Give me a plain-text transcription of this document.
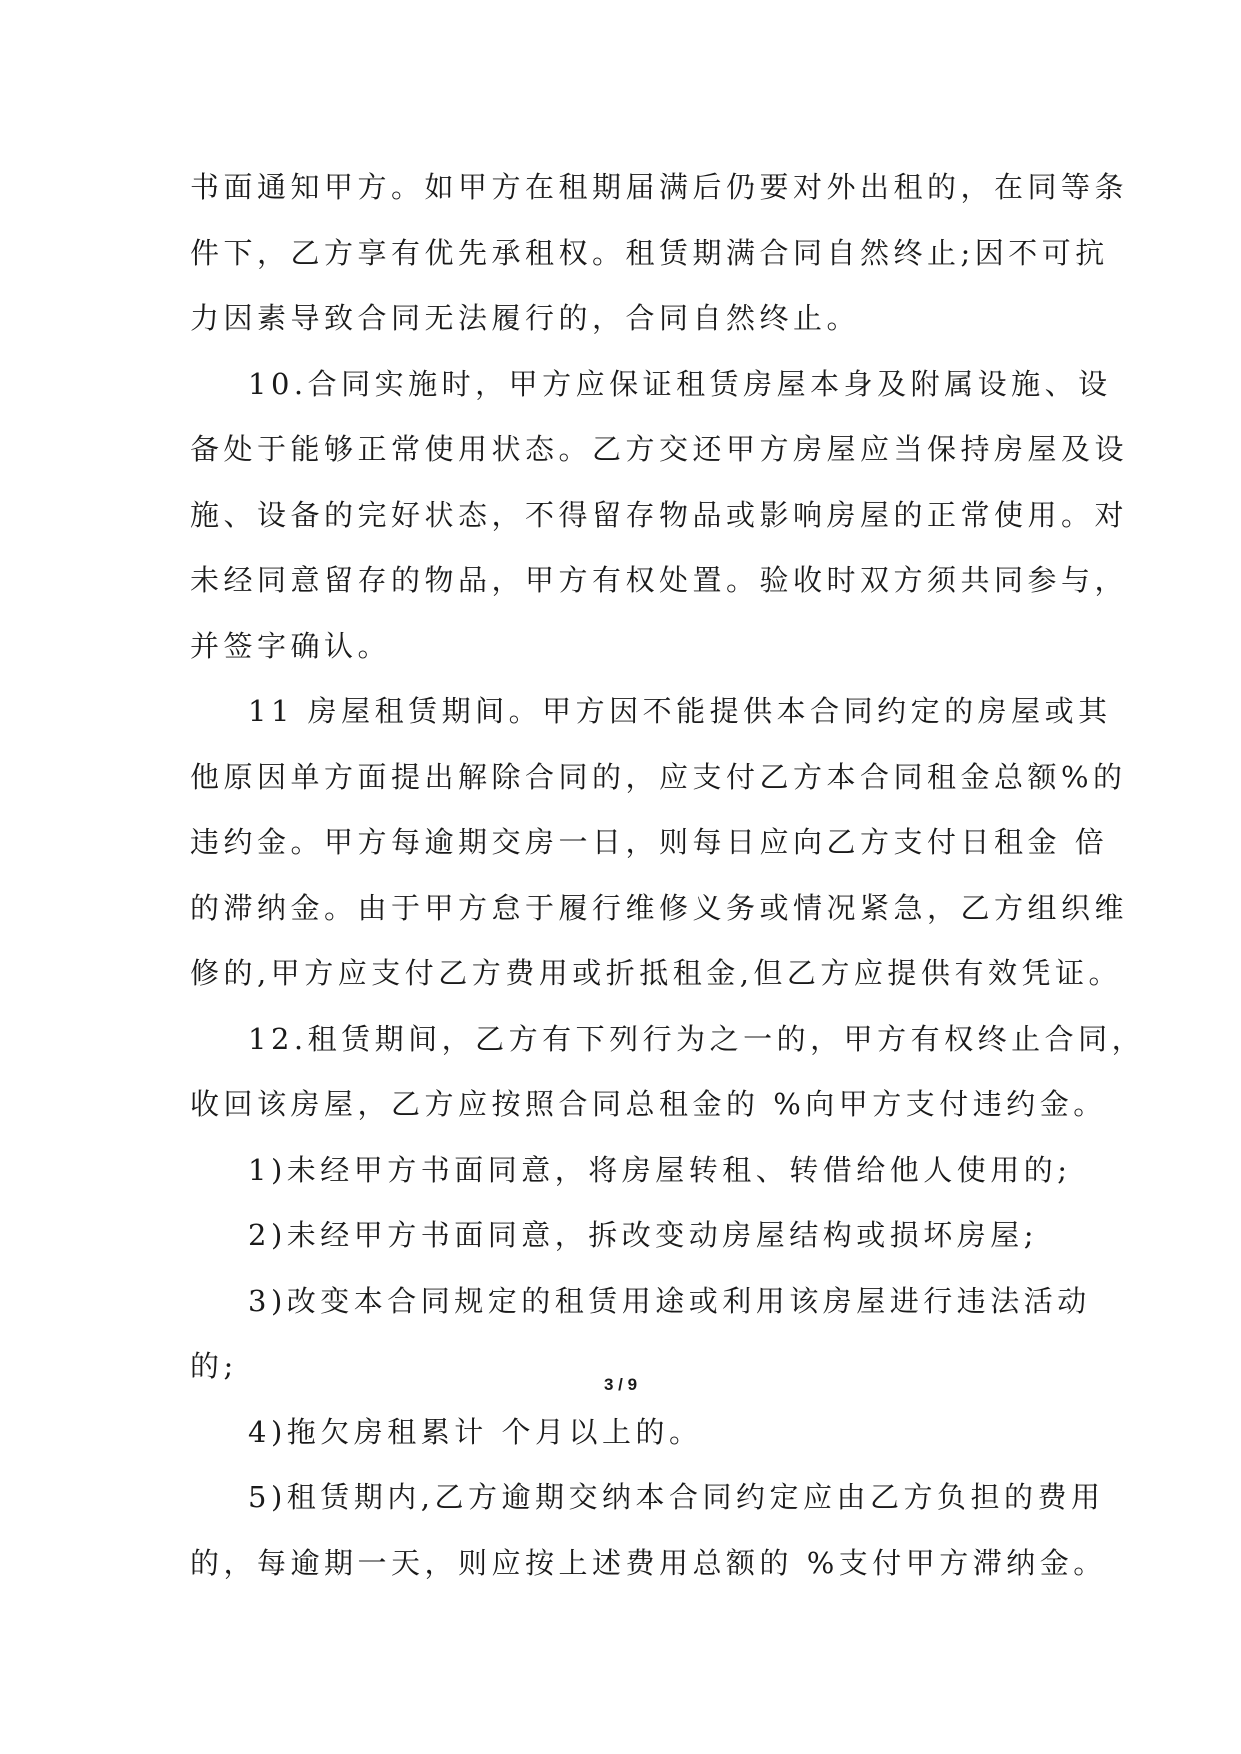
书面通知甲方。如甲方在租期届满后仍要对外出租的，在同等条
件下，乙方享有优先承租权。租赁期满合同自然终止;因不可抗
力因素导致合同无法履行的，合同自然终止。
10.合同实施时，甲方应保证租赁房屋本身及附属设施、设
备处于能够正常使用状态。乙方交还甲方房屋应当保持房屋及设
施、设备的完好状态，不得留存物品或影响房屋的正常使用。对
未经同意留存的物品，甲方有权处置。验收时双方须共同参与，
并签字确认。
11 房屋租赁期间。甲方因不能提供本合同约定的房屋或其
他原因单方面提出解除合同的，应支付乙方本合同租金总额%的
违约金。甲方每逾期交房一日，则每日应向乙方支付日租金 倍
的滞纳金。由于甲方怠于履行维修义务或情况紧急，乙方组织维
修的,甲方应支付乙方费用或折抵租金,但乙方应提供有效凭证。
12.租赁期间，乙方有下列行为之一的，甲方有权终止合同，
收回该房屋，乙方应按照合同总租金的 %向甲方支付违约金。
1)未经甲方书面同意，将房屋转租、转借给他人使用的;
2)未经甲方书面同意，拆改变动房屋结构或损坏房屋;
3)改变本合同规定的租赁用途或利用该房屋进行违法活动
的;
4)拖欠房租累计 个月以上的。
5)租赁期内,乙方逾期交纳本合同约定应由乙方负担的费用
的，每逾期一天，则应按上述费用总额的 %支付甲方滞纳金。
3 / 9
